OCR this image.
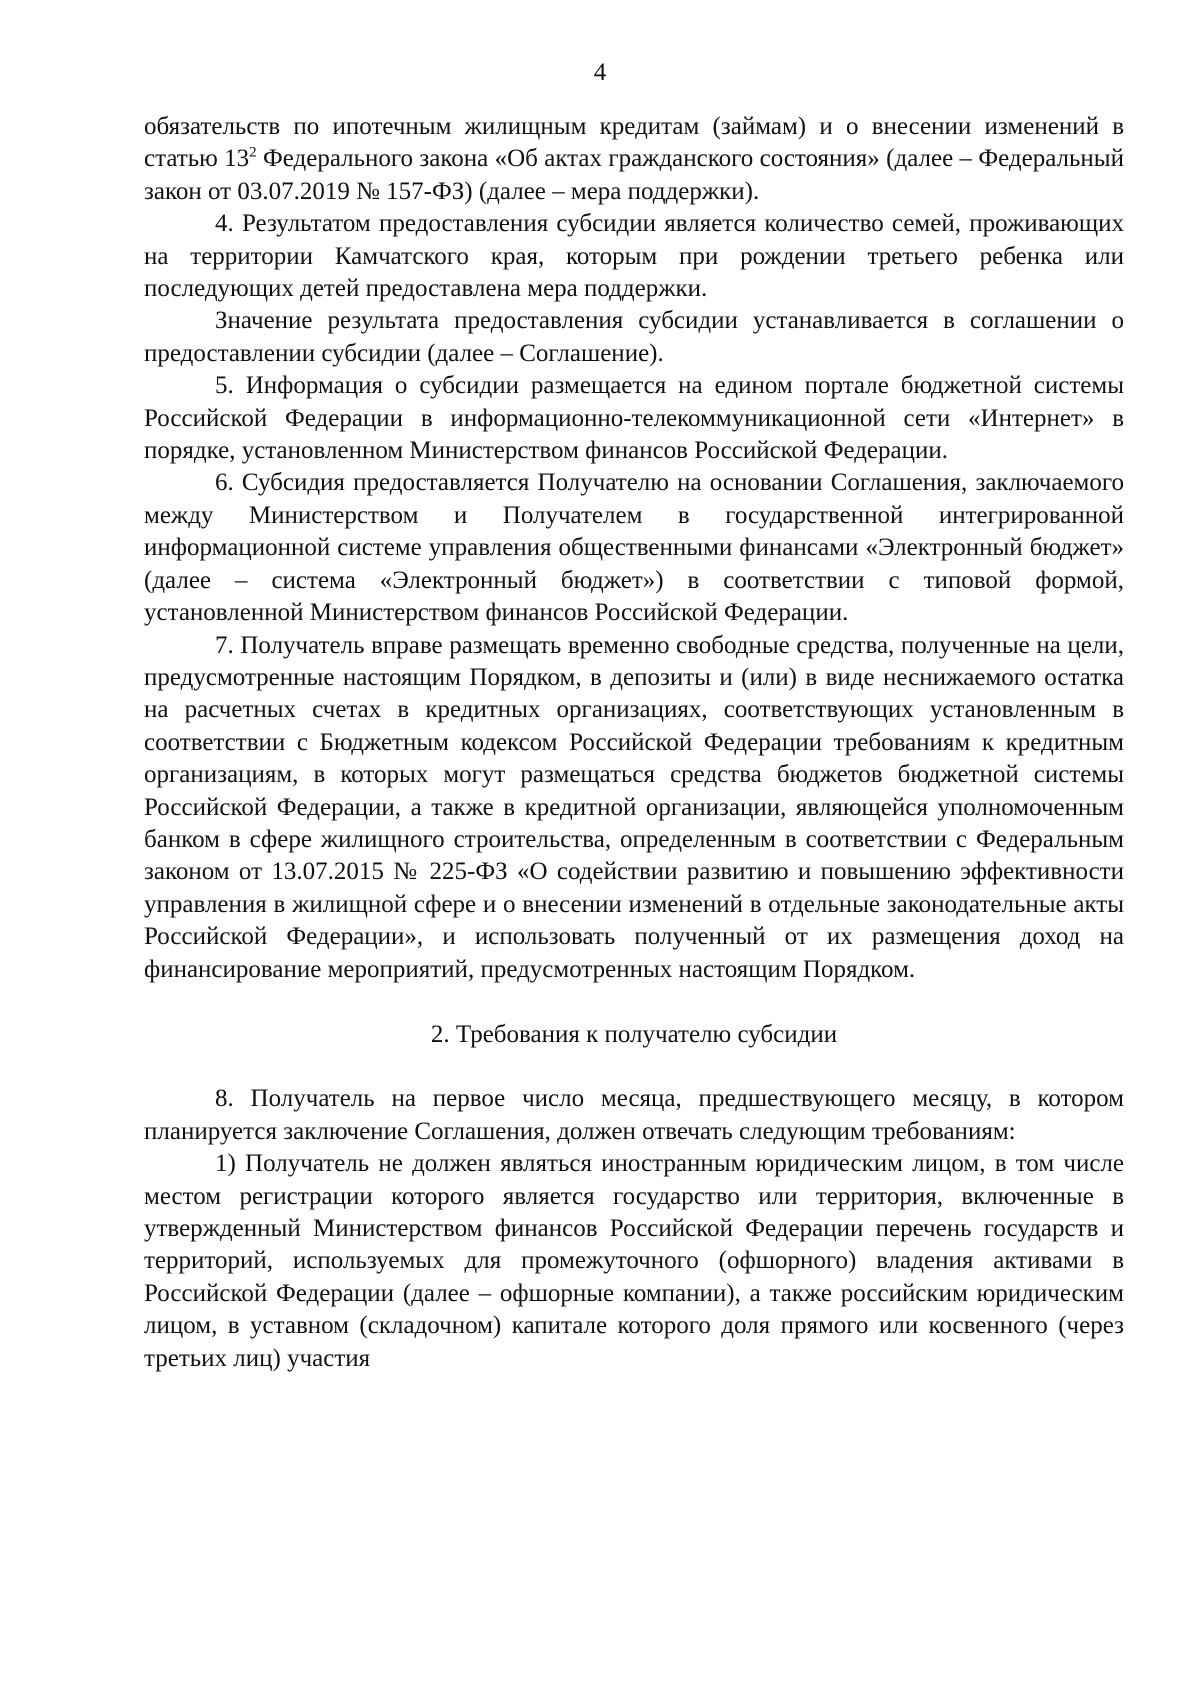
4

обязательств по ипотечным жилищным кредитам (займам) и о внесении изменений в статью $13^2$ Федерального закона «Об актах гражданского состояния» (далее – Федеральный закон от 03.07.2019 № 157-ФЗ) (далее – мера поддержки).

4. Результатом предоставления субсидии является количество семей, проживающих на территории Камчатского края, которым при рождении третьего ребенка или последующих детей предоставлена мера поддержки.

Значение результата предоставления субсидии устанавливается в соглашении о предоставлении субсидии (далее – Соглашение).

5. Информация о субсидии размещается на едином портале бюджетной системы Российской Федерации в информационно-телекоммуникационной сети «Интернет» в порядке, установленном Министерством финансов Российской Федерации.

6. Субсидия предоставляется Получателю на основании Соглашения, заключаемого между Министерством и Получателем в государственной интегрированной информационной системе управления общественными финансами «Электронный бюджет» (далее – система «Электронный бюджет») в соответствии с типовой формой, установленной Министерством финансов Российской Федерации.

7. Получатель вправе размещать временно свободные средства, полученные на цели, предусмотренные настоящим Порядком, в депозиты и (или) в виде неснижаемого остатка на расчетных счетах в кредитных организациях, соответствующих установленным в соответствии с Бюджетным кодексом Российской Федерации требованиям к кредитным организациям, в которых могут размещаться средства бюджетов бюджетной системы Российской Федерации, а также в кредитной организации, являющейся уполномоченным банком в сфере жилищного строительства, определенным в соответствии с Федеральным законом от 13.07.2015 № 225-ФЗ «О содействии развитию и повышению эффективности управления в жилищной сфере и о внесении изменений в отдельные законодательные акты Российской Федерации», и использовать полученный от их размещения доход на финансирование мероприятий, предусмотренных настоящим Порядком.

2. Требования к получателю субсидии

8. Получатель на первое число месяца, предшествующего месяцу, в котором планируется заключение Соглашения, должен отвечать следующим требованиям:

1) Получатель не должен являться иностранным юридическим лицом, в том числе местом регистрации которого является государство или территория, включенные в утвержденный Министерством финансов Российской Федерации перечень государств и территорий, используемых для промежуточного (офшорного) владения активами в Российской Федерации (далее – офшорные компании), а также российским юридическим лицом, в уставном (складочном) капитале которого доля прямого или косвенного (через третьих лиц) участия
